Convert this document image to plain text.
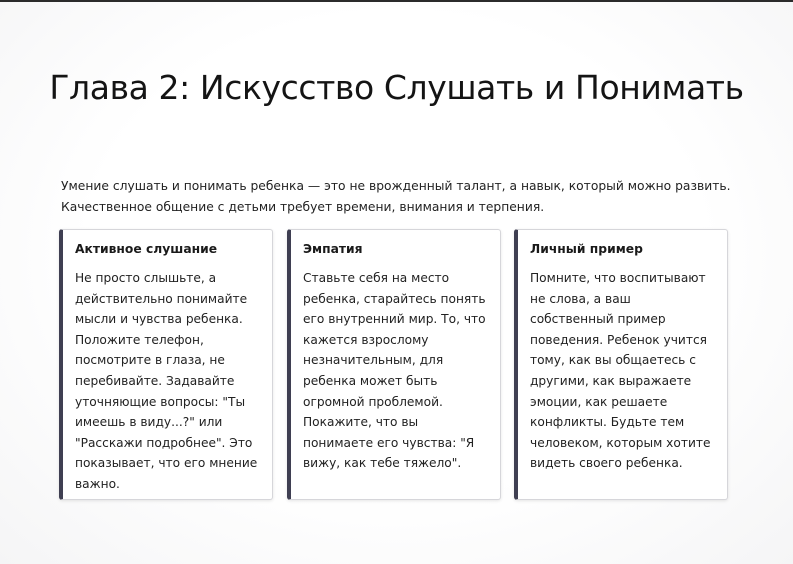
Глава 2: Искусство Слушать и Понимать

Умение слушать и понимать ребенка — это не врожденный талант, а навык, который можно развить. Качественное общение с детьми требует времени, внимания и терпения.

Активное слушание

Не просто слышьте, а действительно понимайте мысли и чувства ребенка. Положите телефон, посмотрите в глаза, не перебивайте. Задавайте уточняющие вопросы: "Ты имеешь в виду...?" или "Расскажи подробнее". Это показывает, что его мнение важно.

Эмпатия

Ставьте себя на место ребенка, старайтесь понять его внутренний мир. То, что кажется взрослому незначительным, для ребенка может быть огромной проблемой. Покажите, что вы понимаете его чувства: "Я вижу, как тебе тяжело".

Личный пример

Помните, что воспитывают не слова, а ваш собственный пример поведения. Ребенок учится тому, как вы общаетесь с другими, как выражаете эмоции, как решаете конфликты. Будьте тем человеком, которым хотите видеть своего ребенка.
